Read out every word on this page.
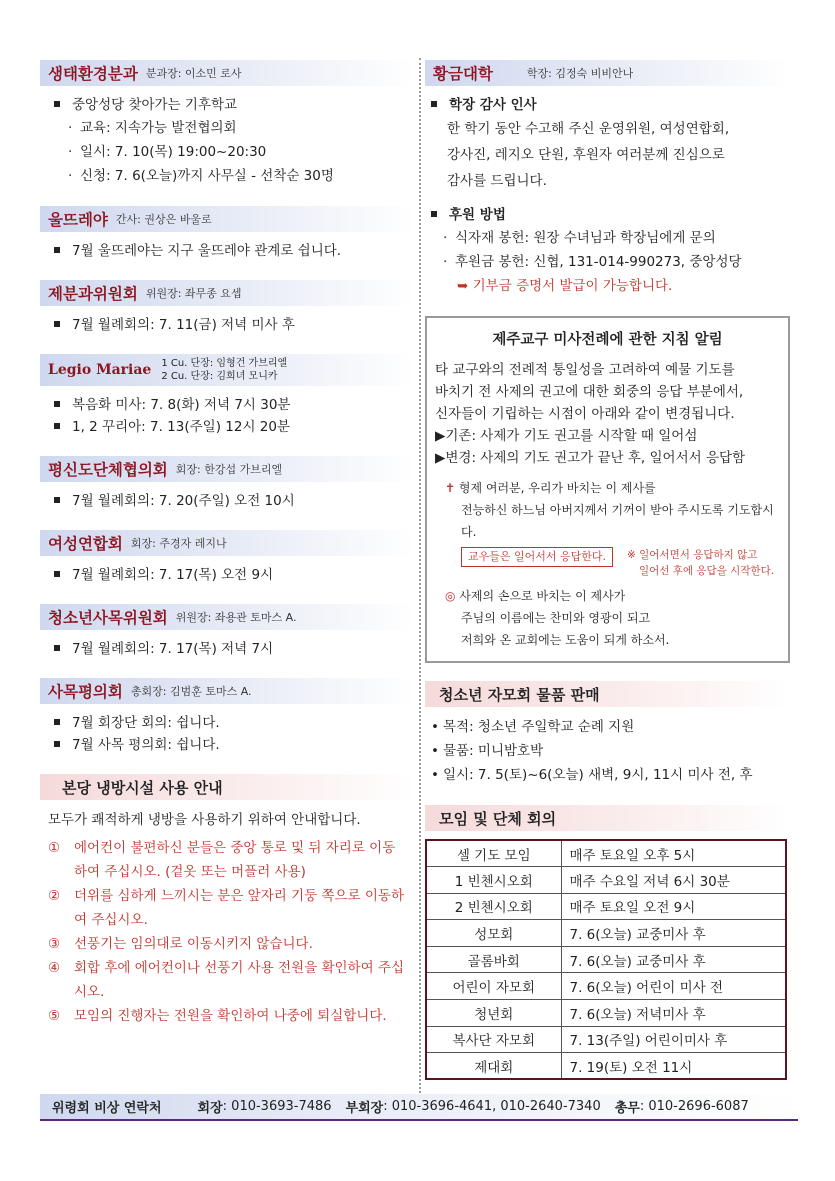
생태환경분과 분과장: 이소민 로사
중앙성당 찾아가는 기후학교
· 교육: 지속가능 발전협의회
· 일시: 7. 10(목) 19:00~20:30
· 신청: 7. 6(오늘)까지 사무실 - 선착순 30명
울뜨레야 간사: 권상은 바울로
7월 울뜨레야는 지구 울뜨레야 관계로 쉽니다.
제분과위원회 위원장: 좌무종 요셉
7월 월례회의: 7. 11(금) 저녁 미사 후
Legio Mariae 1 Cu. 단장: 임형건 가브리엘
2 Cu. 단장: 김희녀 모니카
복음화 미사: 7. 8(화) 저녁 7시 30분
1, 2 꾸리아: 7. 13(주일) 12시 20분
평신도단체협의회 회장: 한강섭 가브리엘
7월 월례회의: 7. 20(주일) 오전 10시
여성연합회 회장: 주경자 레지나
7월 월례회의: 7. 17(목) 오전 9시
청소년사목위원회 위원장: 좌용관 토마스 A.
7월 월례회의: 7. 17(목) 저녁 7시
사목평의회 총회장: 김범훈 토마스 A.
7월 회장단 회의: 쉽니다.
7월 사목 평의회: 쉽니다.
본당 냉방시설 사용 안내
모두가 쾌적하게 냉방을 사용하기 위하여 안내합니다.
①	에어컨이 불편하신 분들은 중앙 통로 및 뒤 자리로 이동하여 주십시오. (겉옷 또는 머플러 사용)
②	더위를 심하게 느끼시는 분은 앞자리 기둥 쪽으로 이동하여 주십시오.
③	선풍기는 임의대로 이동시키지 않습니다.
④	회합 후에 에어컨이나 선풍기 사용 전원을 확인하여 주십시오.
⑤	모임의 진행자는 전원을 확인하여 나중에 퇴실합니다.
황금대학	학장: 김정숙 비비안나
학장 감사 인사
한 학기 동안 수고해 주신 운영위원, 여성연합회,
강사진, 레지오 단원, 후원자 여러분께 진심으로
감사를 드립니다.
후원 방법
· 식자재 봉헌: 원장 수녀님과 학장님에게 문의
· 후원금 봉헌: 신협, 131-014-990273, 중앙성당
➥ 기부금 증명서 발급이 가능합니다.
제주교구 미사전례에 관한 지침 알림

타 교구와의 전례적 통일성을 고려하여 예물 기도를

바치기 전 사제의 권고에 대한 회중의 응답 부분에서,

신자들이 기립하는 시점이 아래와 같이 변경됩니다.

▶기존: 사제가 기도 권고를 시작할 때 일어섬

▶변경: 사제의 기도 권고가 끝난 후, 일어서서 응답함

✝ 형제 여러분, 우리가 바치는 이 제사를
전능하신 하느님 아버지께서 기꺼이 받아 주시도록 기도합시다.
교우들은 일어서서 응답한다.	※ 일어서면서 응답하지 않고
일어선 후에 응답을 시작한다.
◎ 사제의 손으로 바치는 이 제사가
주님의 이름에는 찬미와 영광이 되고
저희와 온 교회에는 도움이 되게 하소서.
청소년 자모회 물품 판매
• 목적: 청소년 주일학교 순례 지원
• 물품: 미니밤호박
• 일시: 7. 5(토)~6(오늘) 새벽, 9시, 11시 미사 전, 후
모임 및 단체 회의
셀 기도 모임	매주 토요일 오후 5시
1 빈첸시오회	매주 수요일 저녁 6시 30분
2 빈첸시오회	매주 토요일 오전 9시
성모회	7. 6(오늘) 교중미사 후
골롬바회	7. 6(오늘) 교중미사 후
어린이 자모회	7. 6(오늘) 어린이 미사 전
청년회	7. 6(오늘) 저녁미사 후
복사단 자모회	7. 13(주일) 어린이미사 후
제대회	7. 19(토) 오전 11시
위령회 비상 연락처	회장 : 010-3693-7486 부회장 : 010-3696-4641, 010-2640-7340 총무 : 010-2696-6087
